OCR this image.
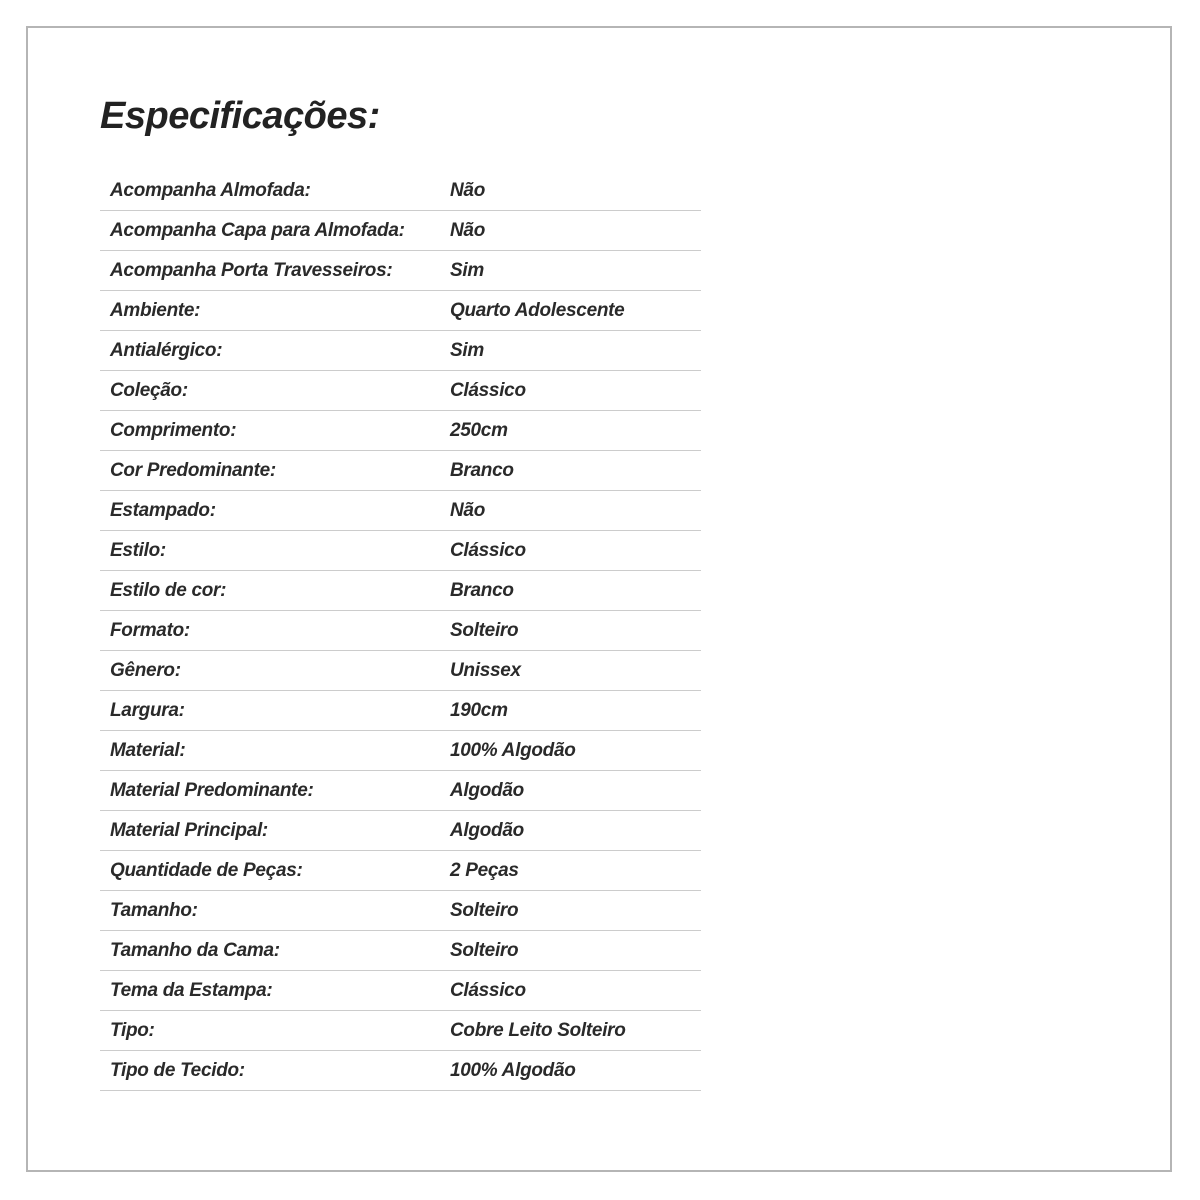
Especificações:
Acompanha Almofada:	Não
Acompanha Capa para Almofada:	Não
Acompanha Porta Travesseiros:	Sim
Ambiente:	Quarto Adolescente
Antialérgico:	Sim
Coleção:	Clássico
Comprimento:	250cm
Cor Predominante:	Branco
Estampado:	Não
Estilo:	Clássico
Estilo de cor:	Branco
Formato:	Solteiro
Gênero:	Unissex
Largura:	190cm
Material:	100% Algodão
Material Predominante:	Algodão
Material Principal:	Algodão
Quantidade de Peças:	2 Peças
Tamanho:	Solteiro
Tamanho da Cama:	Solteiro
Tema da Estampa:	Clássico
Tipo:	Cobre Leito Solteiro
Tipo de Tecido:	100% Algodão
